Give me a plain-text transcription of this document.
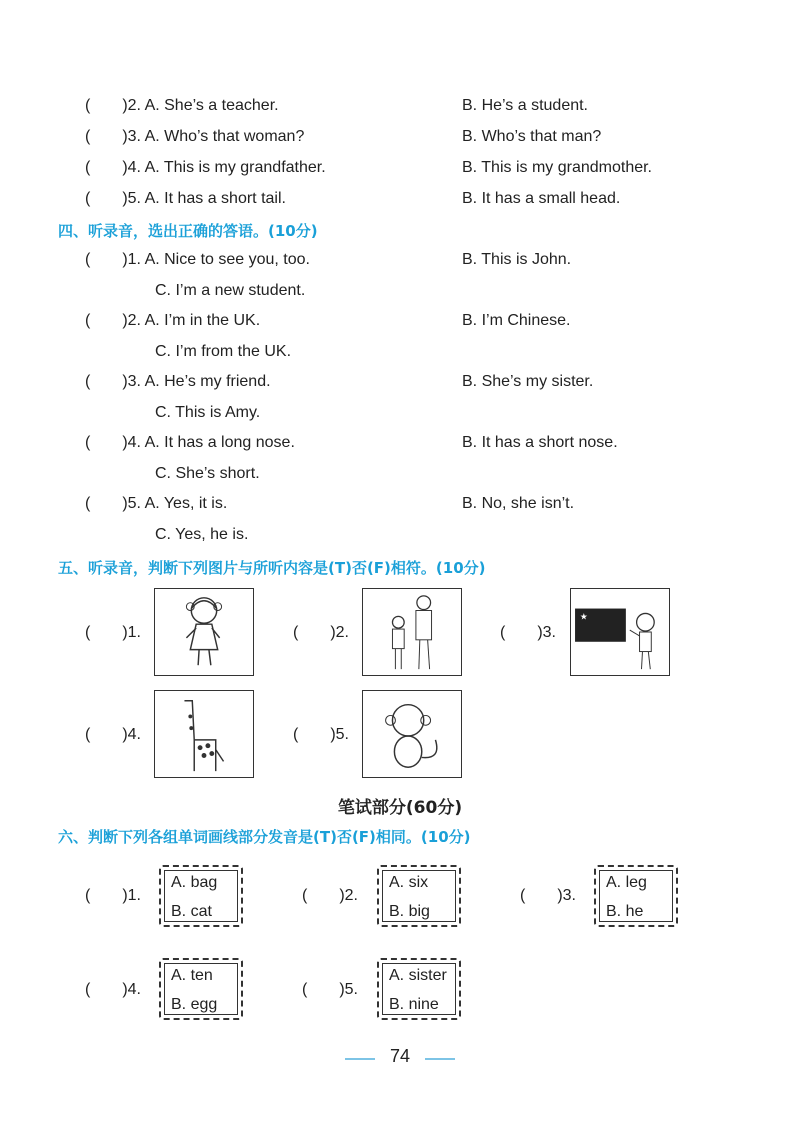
(　　)2. A. She’s a teacher.	B. He’s a student.
(　　)3. A. Who’s that woman?	B. Who’s that man?
(　　)4. A. This is my grandfather.	B. This is my grandmother.
(　　)5. A. It has a short tail.	B. It has a small head.
四、听录音，选出正确的答语。(10分)
(　　)1. A. Nice to see you, too.	B. This is John.
C. I’m a new student.
(　　)2. A. I’m in the UK.	B. I’m Chinese.
C. I’m from the UK.
(　　)3. A. He’s my friend.	B. She’s my sister.
C. This is Amy.
(　　)4. A. It has a long nose.	B. It has a short nose.
C. She’s short.
(　　)5. A. Yes, it is.	B. No, she isn’t.
C. Yes, he is.
五、听录音，判断下列图片与所听内容是(T)否(F)相符。(10分)
(　　)1.	(　　)2.	(　　)3.
★
(　　)4.	(　　)5.
笔试部分(60分)
六、判断下列各组单词画线部分发音是(T)否(F)相同。(10分)
(　　)1.
A. bag
B. cat
(　　)2.
A. six
B. big
(　　)3.
A. leg
B. he
(　　)4.
A. ten
B. egg
(　　)5.
A. sister
B. nine
74
